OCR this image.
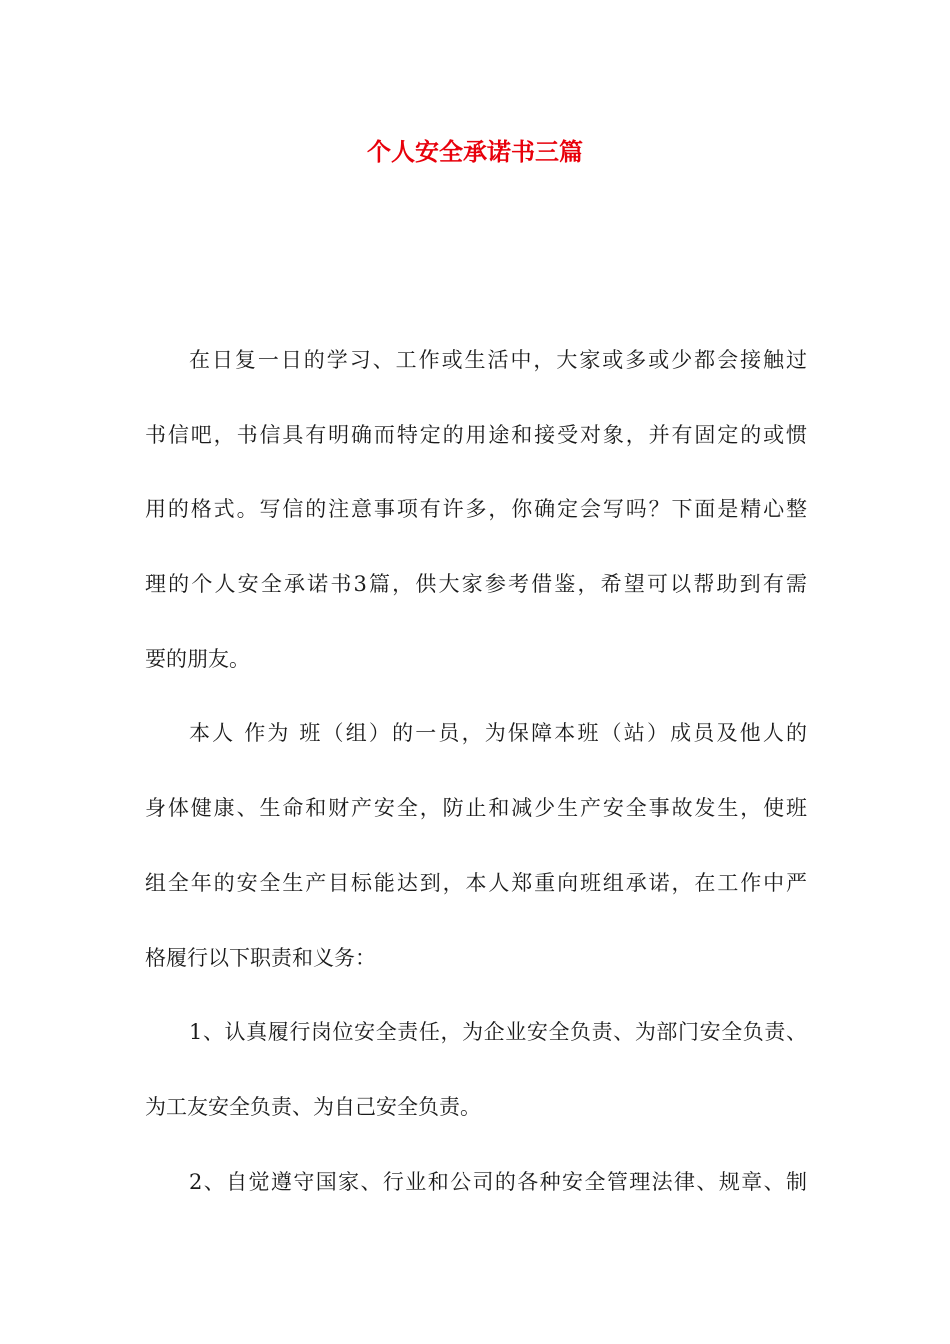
个人安全承诺书三篇
在日复一日的学习、工作或生活中，大家或多或少都会接触过
书信吧，书信具有明确而特定的用途和接受对象，并有固定的或惯
用的格式。写信的注意事项有许多，你确定会写吗？下面是精心整
理的个人安全承诺书3篇，供大家参考借鉴，希望可以帮助到有需
要的朋友。
本人 作为 班（组）的一员，为保障本班（站）成员及他人的
身体健康、生命和财产安全，防止和减少生产安全事故发生，使班
组全年的安全生产目标能达到，本人郑重向班组承诺，在工作中严
格履行以下职责和义务：
1、认真履行岗位安全责任，为企业安全负责、为部门安全负责、
为工友安全负责、为自己安全负责。
2、自觉遵守国家、行业和公司的各种安全管理法律、规章、制
